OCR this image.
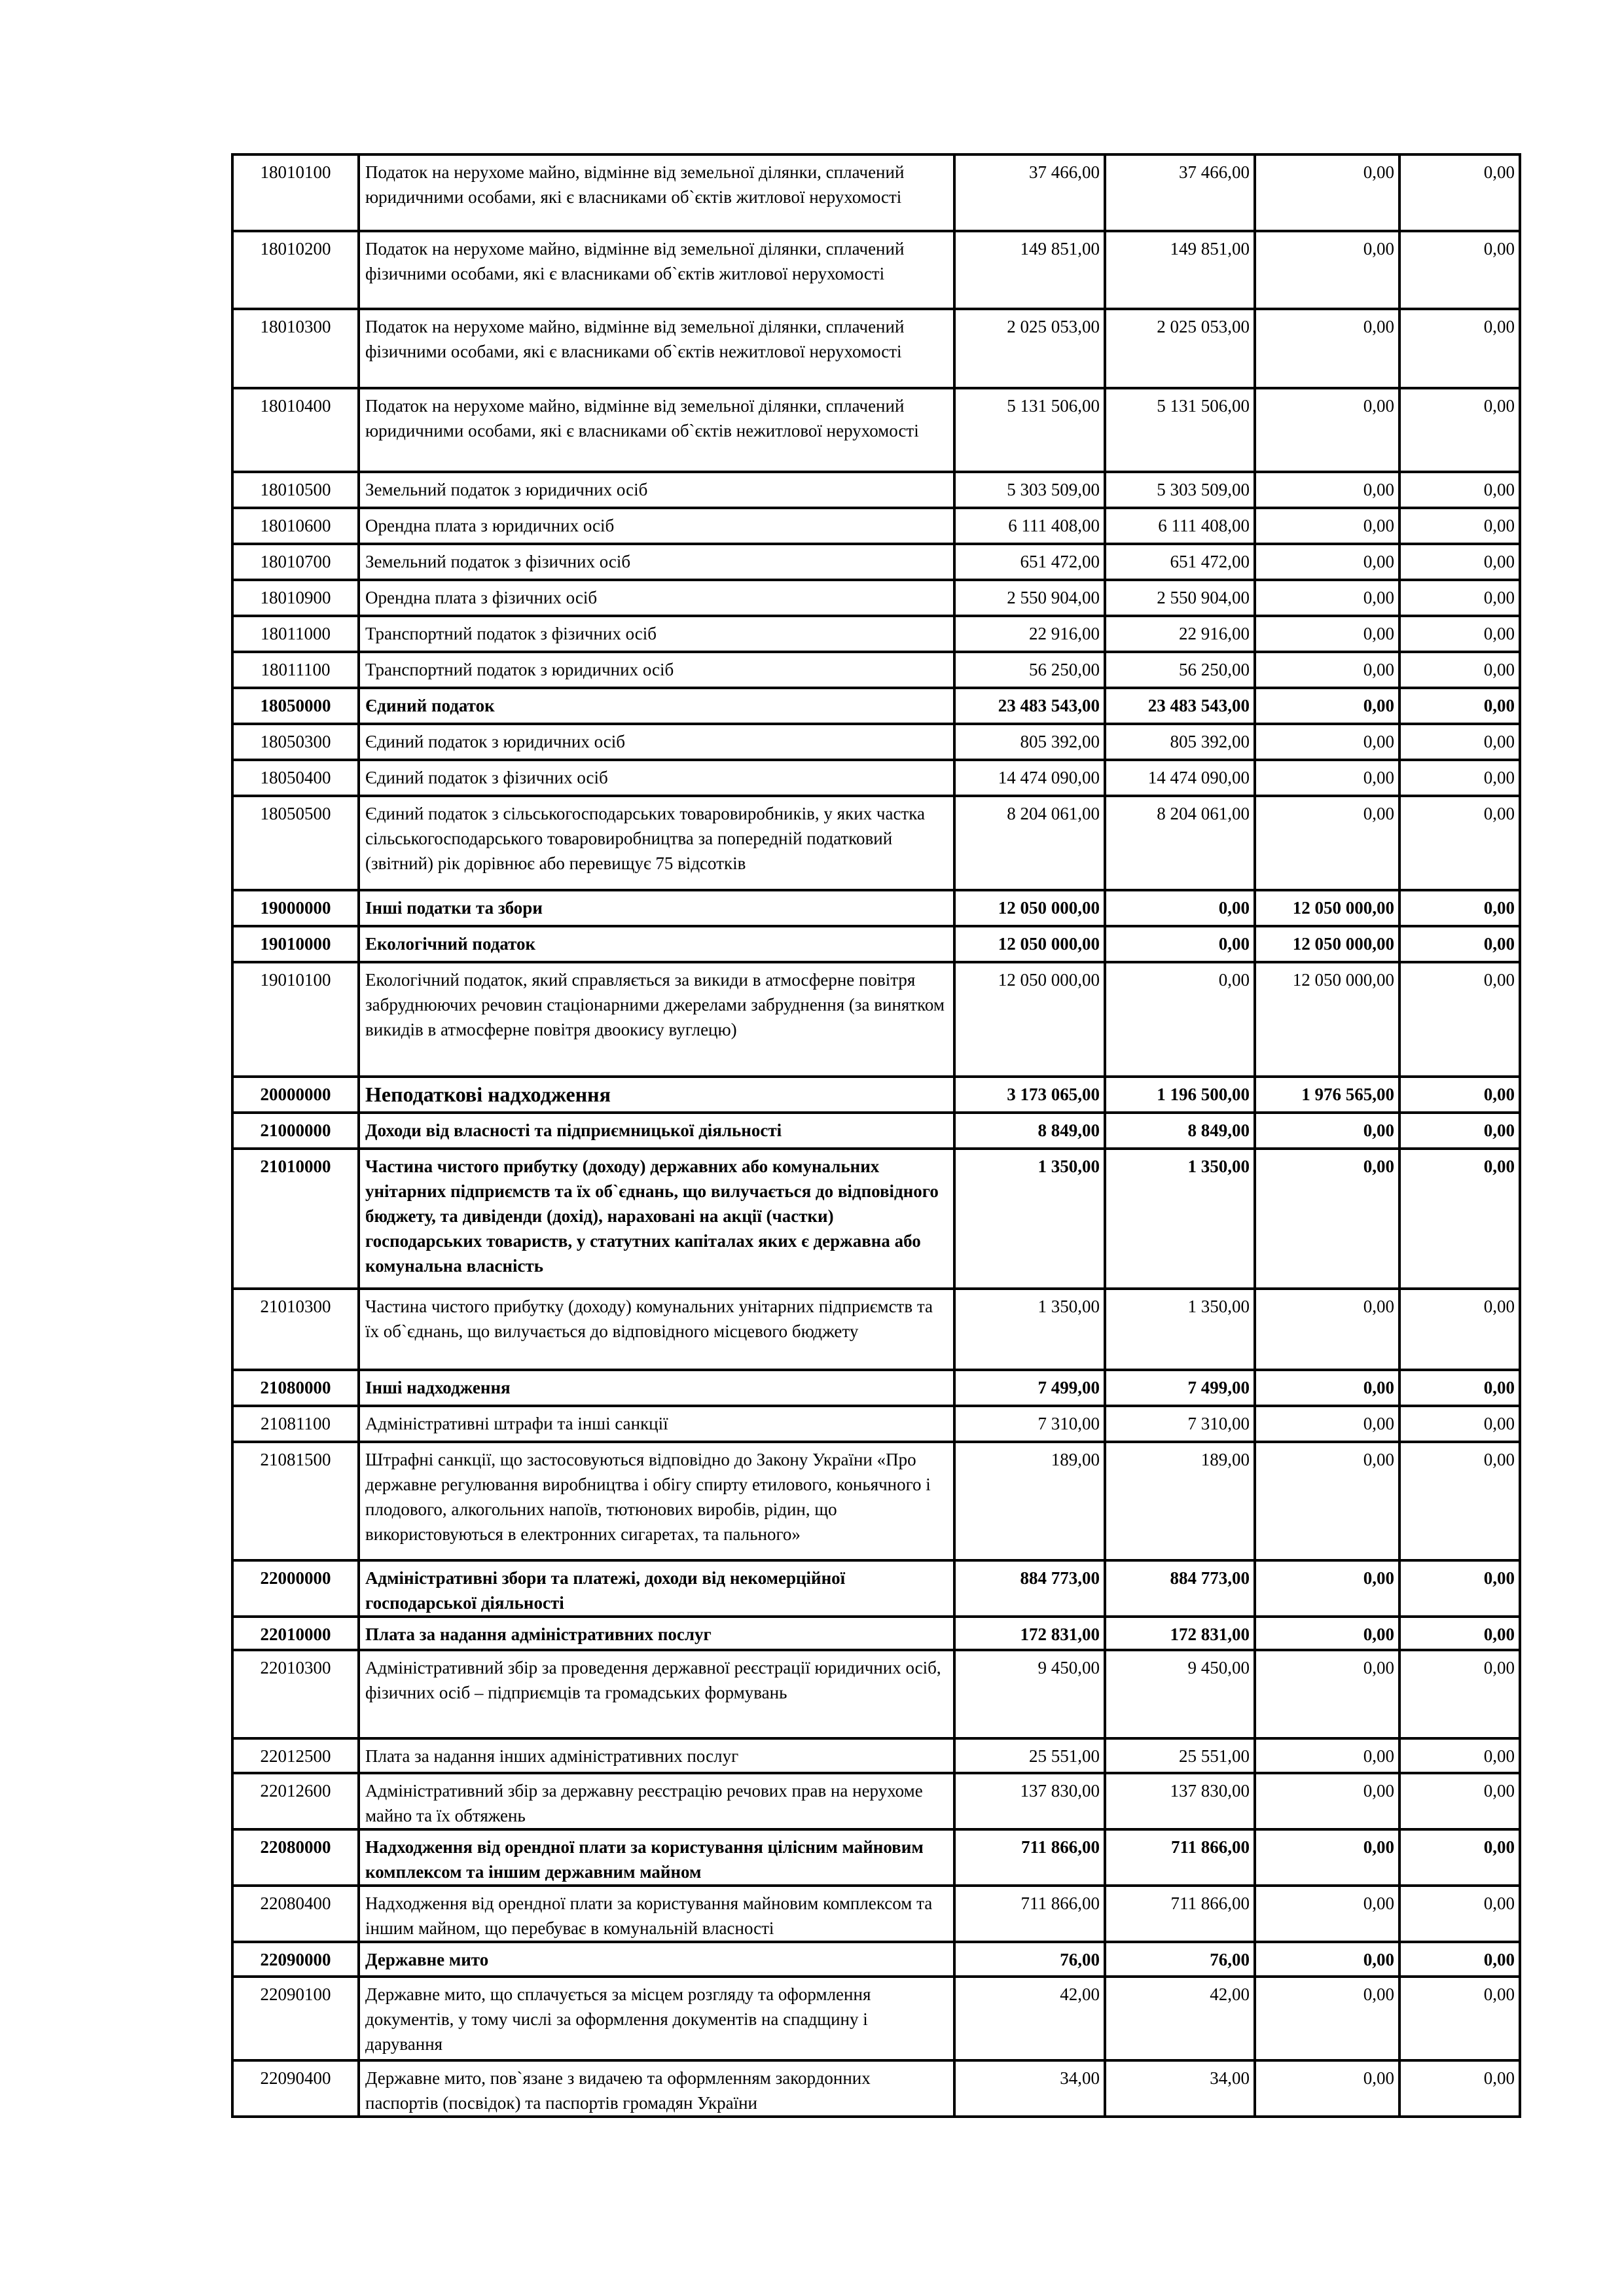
18010100	Податок на нерухоме майно, відмінне від земельної ділянки, сплачений юридичними особами, які є власниками об`єктів житлової нерухомості	37 466,00	37 466,00	0,00	0,00
18010200	Податок на нерухоме майно, відмінне від земельної ділянки, сплачений фізичними особами, які є власниками об`єктів житлової нерухомості	149 851,00	149 851,00	0,00	0,00
18010300	Податок на нерухоме майно, відмінне від земельної ділянки, сплачений фізичними особами, які є власниками об`єктів нежитлової нерухомості	2 025 053,00	2 025 053,00	0,00	0,00
18010400	Податок на нерухоме майно, відмінне від земельної ділянки, сплачений юридичними особами, які є власниками об`єктів нежитлової нерухомості	5 131 506,00	5 131 506,00	0,00	0,00
18010500	Земельний податок з юридичних осіб	5 303 509,00	5 303 509,00	0,00	0,00
18010600	Орендна плата з юридичних осіб	6 111 408,00	6 111 408,00	0,00	0,00
18010700	Земельний податок з фізичних осіб	651 472,00	651 472,00	0,00	0,00
18010900	Орендна плата з фізичних осіб	2 550 904,00	2 550 904,00	0,00	0,00
18011000	Транспортний податок з фізичних осіб	22 916,00	22 916,00	0,00	0,00
18011100	Транспортний податок з юридичних осіб	56 250,00	56 250,00	0,00	0,00
18050000	Єдиний податок	23 483 543,00	23 483 543,00	0,00	0,00
18050300	Єдиний податок з юридичних осіб	805 392,00	805 392,00	0,00	0,00
18050400	Єдиний податок з фізичних осіб	14 474 090,00	14 474 090,00	0,00	0,00
18050500	Єдиний податок з сільськогосподарських товаровиробників, у яких частка сільськогосподарського товаровиробництва за попередній податковий (звітний) рік дорівнює або перевищує 75 відсотків	8 204 061,00	8 204 061,00	0,00	0,00
19000000	Інші податки та збори	12 050 000,00	0,00	12 050 000,00	0,00
19010000	Екологічний податок	12 050 000,00	0,00	12 050 000,00	0,00
19010100	Екологічний податок, який справляється за викиди в атмосферне повітря забруднюючих речовин стаціонарними джерелами забруднення (за винятком викидів в атмосферне повітря двоокису вуглецю)	12 050 000,00	0,00	12 050 000,00	0,00
20000000	Неподаткові надходження	3 173 065,00	1 196 500,00	1 976 565,00	0,00
21000000	Доходи від власності та підприємницької діяльності	8 849,00	8 849,00	0,00	0,00
21010000	Частина чистого прибутку (доходу) державних або комунальних унітарних підприємств та їх об`єднань, що вилучається до відповідного бюджету, та дивіденди (дохід), нараховані на акції (частки) господарських товариств, у статутних капіталах яких є державна або комунальна власність	1 350,00	1 350,00	0,00	0,00
21010300	Частина чистого прибутку (доходу) комунальних унітарних підприємств та їх об`єднань, що вилучається до відповідного місцевого бюджету	1 350,00	1 350,00	0,00	0,00
21080000	Інші надходження	7 499,00	7 499,00	0,00	0,00
21081100	Адміністративні штрафи та інші санкції	7 310,00	7 310,00	0,00	0,00
21081500	Штрафні санкції, що застосовуються відповідно до Закону України «Про державне регулювання виробництва і обігу спирту етилового, коньячного і плодового, алкогольних напоїв, тютюнових виробів, рідин, що використовуються в електронних сигаретах, та пального»	189,00	189,00	0,00	0,00
22000000	Адміністративні збори та платежі, доходи від некомерційної господарської діяльності	884 773,00	884 773,00	0,00	0,00
22010000	Плата за надання адміністративних послуг	172 831,00	172 831,00	0,00	0,00
22010300	Адміністративний збір за проведення державної реєстрації юридичних осіб, фізичних осіб – підприємців та громадських формувань	9 450,00	9 450,00	0,00	0,00
22012500	Плата за надання інших адміністративних послуг	25 551,00	25 551,00	0,00	0,00
22012600	Адміністративний збір за державну реєстрацію речових прав на нерухоме майно та їх обтяжень	137 830,00	137 830,00	0,00	0,00
22080000	Надходження від орендної плати за користування цілісним майновим комплексом та іншим державним майном	711 866,00	711 866,00	0,00	0,00
22080400	Надходження від орендної плати за користування майновим комплексом та іншим майном, що перебуває в комунальній власності	711 866,00	711 866,00	0,00	0,00
22090000	Державне мито	76,00	76,00	0,00	0,00
22090100	Державне мито, що сплачується за місцем розгляду та оформлення документів, у тому числі за оформлення документів на спадщину і дарування	42,00	42,00	0,00	0,00
22090400	Державне мито, пов`язане з видачею та оформленням закордонних паспортів (посвідок) та паспортів громадян України	34,00	34,00	0,00	0,00
